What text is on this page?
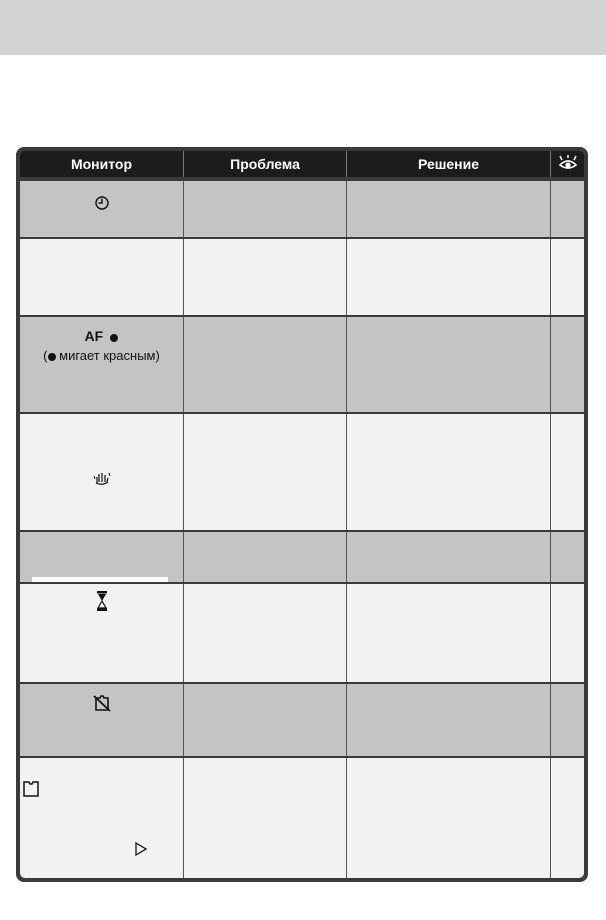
Монитор	Проблема	Решение
AF
( мигает красным)
